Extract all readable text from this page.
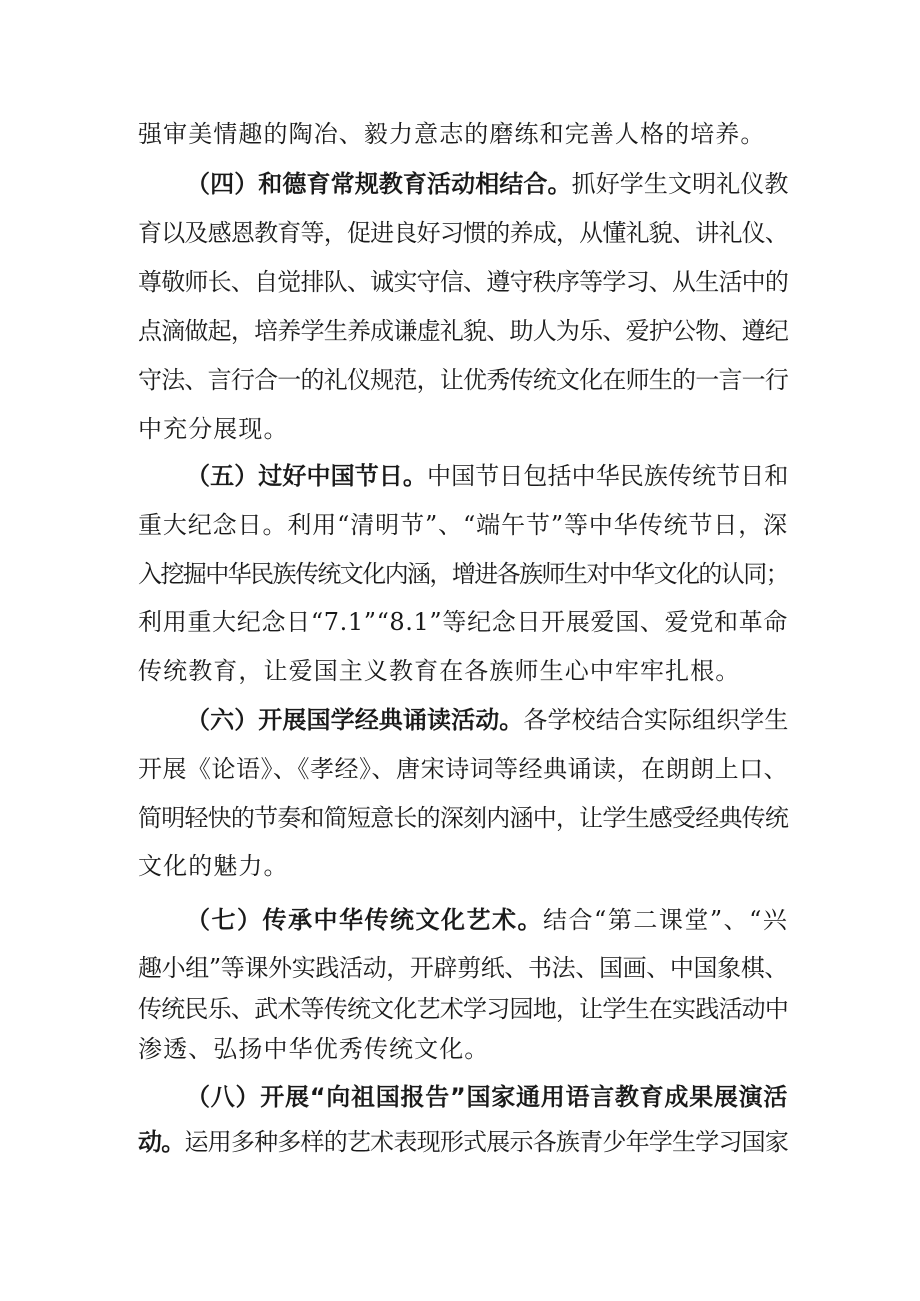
强审美情趣的陶冶、毅力意志的磨练和完善人格的培养。
（四）和德育常规教育活动相结合。抓好学生文明礼仪教
育以及感恩教育等，促进良好习惯的养成，从懂礼貌、讲礼仪、
尊敬师长、自觉排队、诚实守信、遵守秩序等学习、从生活中的
点滴做起，培养学生养成谦虚礼貌、助人为乐、爱护公物、遵纪
守法、言行合一的礼仪规范，让优秀传统文化在师生的一言一行
中充分展现。
（五）过好中国节日。中国节日包括中华民族传统节日和
重大纪念日。利用“清明节”、“端午节”等中华传统节日，深
入挖掘中华民族传统文化内涵，增进各族师生对中华文化的认同；
利用重大纪念日“7.1”“8.1”等纪念日开展爱国、爱党和革命
传统教育，让爱国主义教育在各族师生心中牢牢扎根。
（六）开展国学经典诵读活动。各学校结合实际组织学生
开展《论语》、《孝经》、唐宋诗词等经典诵读，在朗朗上口、
简明轻快的节奏和简短意长的深刻内涵中，让学生感受经典传统
文化的魅力。
（七）传承中华传统文化艺术。结合“第二课堂”、“兴
趣小组”等课外实践活动，开辟剪纸、书法、国画、中国象棋、
传统民乐、武术等传统文化艺术学习园地，让学生在实践活动中
渗透、弘扬中华优秀传统文化。
（八）开展“向祖国报告”国家通用语言教育成果展演活
动。运用多种多样的艺术表现形式展示各族青少年学生学习国家
